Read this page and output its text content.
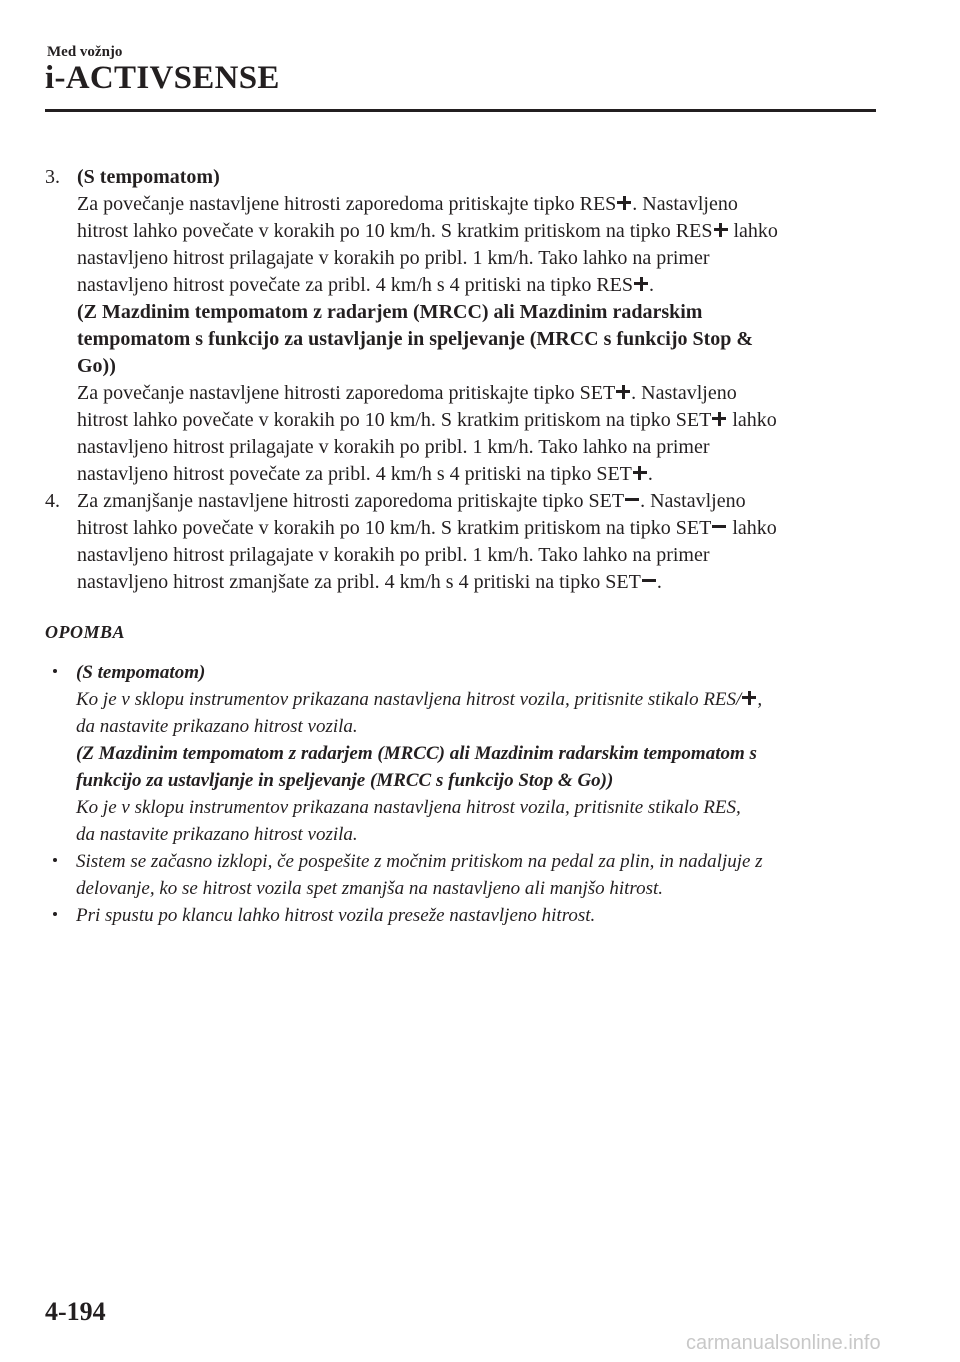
Med vožnjo
i-ACTIVSENSE
3. (S tempomatom)
Za povečanje nastavljene hitrosti zaporedoma pritiskajte tipko RES . Nastavljeno
hitrost lahko povečate v korakih po 10 km/h. S kratkim pritiskom na tipko RES lahko
nastavljeno hitrost prilagajate v korakih po pribl. 1 km/h. Tako lahko na primer
nastavljeno hitrost povečate za pribl. 4 km/h s 4 pritiski na tipko RES .
(Z Mazdinim tempomatom z radarjem (MRCC) ali Mazdinim radarskim
tempomatom s funkcijo za ustavljanje in speljevanje (MRCC s funkcijo Stop &
Go))
Za povečanje nastavljene hitrosti zaporedoma pritiskajte tipko SET . Nastavljeno
hitrost lahko povečate v korakih po 10 km/h. S kratkim pritiskom na tipko SET lahko
nastavljeno hitrost prilagajate v korakih po pribl. 1 km/h. Tako lahko na primer
nastavljeno hitrost povečate za pribl. 4 km/h s 4 pritiski na tipko SET .
4. Za zmanjšanje nastavljene hitrosti zaporedoma pritiskajte tipko SET . Nastavljeno
hitrost lahko povečate v korakih po 10 km/h. S kratkim pritiskom na tipko SET lahko
nastavljeno hitrost prilagajate v korakih po pribl. 1 km/h. Tako lahko na primer
nastavljeno hitrost zmanjšate za pribl. 4 km/h s 4 pritiski na tipko SET .
OPOMBA
(S tempomatom)
Ko je v sklopu instrumentov prikazana nastavljena hitrost vozila, pritisnite stikalo RES/ ,
da nastavite prikazano hitrost vozila.
(Z Mazdinim tempomatom z radarjem (MRCC) ali Mazdinim radarskim tempomatom s
funkcijo za ustavljanje in speljevanje (MRCC s funkcijo Stop & Go))
Ko je v sklopu instrumentov prikazana nastavljena hitrost vozila, pritisnite stikalo RES,
da nastavite prikazano hitrost vozila.
Sistem se začasno izklopi, če pospešite z močnim pritiskom na pedal za plin, in nadaljuje z
delovanje, ko se hitrost vozila spet zmanjša na nastavljeno ali manjšo hitrost.
Pri spustu po klancu lahko hitrost vozila preseže nastavljeno hitrost.
4-194
carmanualsonline.info
